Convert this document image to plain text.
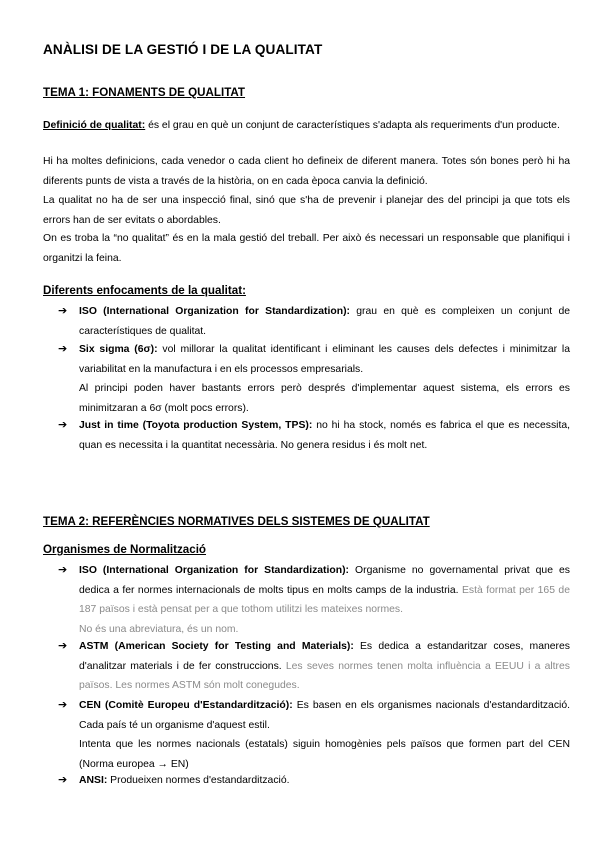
ANÀLISI DE LA GESTIÓ I DE LA QUALITAT
TEMA 1: FONAMENTS DE QUALITAT
Definició de qualitat: és el grau en què un conjunt de característiques s'adapta als requeriments d'un producte.
Hi ha moltes definicions, cada venedor o cada client ho defineix de diferent manera. Totes són bones però hi ha diferents punts de vista a través de la història, on en cada època canvia la definició.
La qualitat no ha de ser una inspecció final, sinó que s'ha de prevenir i planejar des del principi ja que tots els errors han de ser evitats o abordables.
On es troba la “no qualitat” és en la mala gestió del treball. Per això és necessari un responsable que planifiqui i organitzi la feina.
Diferents enfocaments de la qualitat:
➔	ISO (International Organization for Standardization): grau en què es compleixen un conjunt de característiques de qualitat.
➔	Six sigma (6σ): vol millorar la qualitat identificant i eliminant les causes dels defectes i minimitzar la variabilitat en la manufactura i en els processos empresarials.
Al principi poden haver bastants errors però després d'implementar aquest sistema, els errors es minimitzaran a 6σ (molt pocs errors).
➔	Just in time (Toyota production System, TPS): no hi ha stock, només es fabrica el que es necessita, quan es necessita i la quantitat necessària. No genera residus i és molt net.
TEMA 2: REFERÈNCIES NORMATIVES DELS SISTEMES DE QUALITAT
Organismes de Normalització
➔	ISO (International Organization for Standardization): Organisme no governamental privat que es dedica a fer normes internacionals de molts tipus en molts camps de la industria. Està format per 165 de 187 països i està pensat per a que tothom utilitzi les mateixes normes.
No és una abreviatura, és un nom.
➔	ASTM (American Society for Testing and Materials): Es dedica a estandaritzar coses, maneres d'analitzar materials i de fer construccions. Les seves normes tenen molta influència a EEUU i a altres països. Les normes ASTM són molt conegudes.
➔	CEN (Comitè Europeu d'Estandardització): Es basen en els organismes nacionals d'estandardització. Cada país té un organisme d'aquest estil.
Intenta que les normes nacionals (estatals) siguin homogènies pels països que formen part del CEN (Norma europea → EN)
➔	ANSI: Produeixen normes d'estandardització.
